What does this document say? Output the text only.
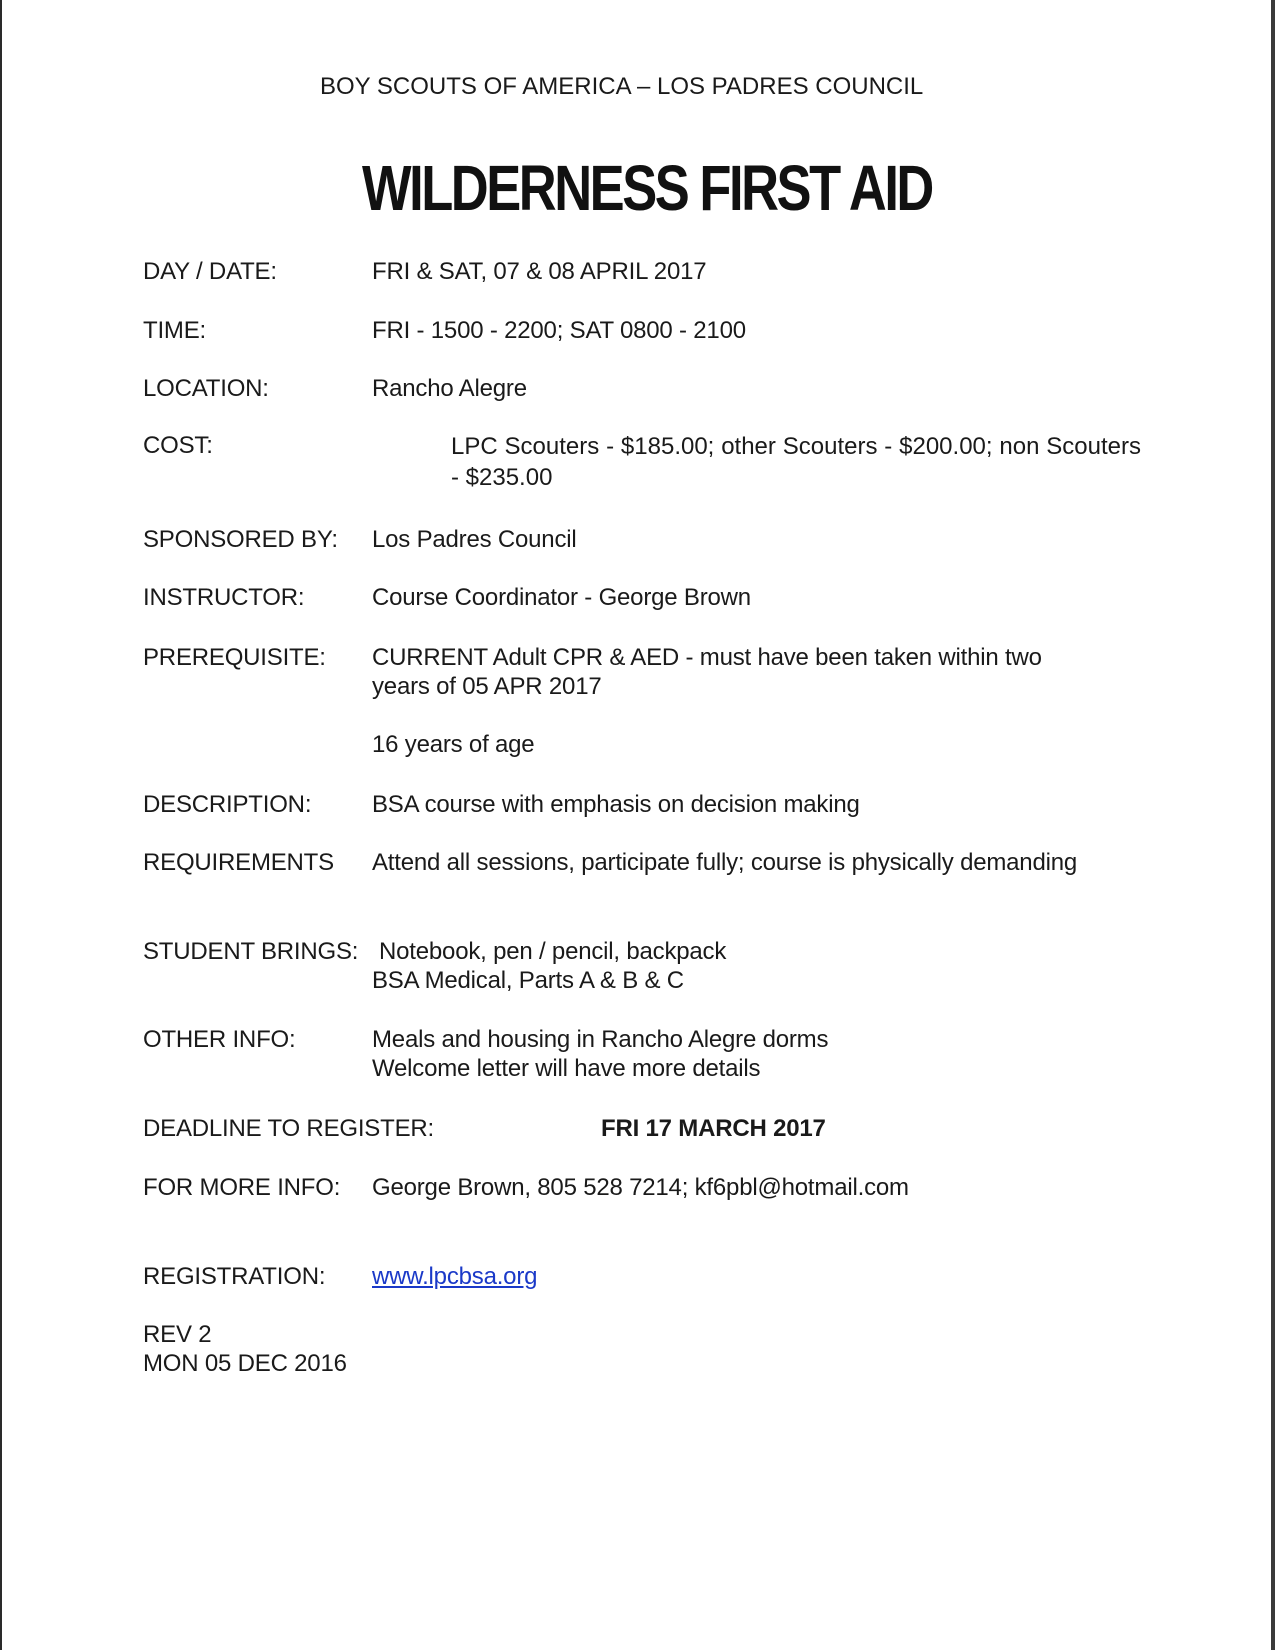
BOY SCOUTS OF AMERICA – LOS PADRES COUNCIL
WILDERNESS FIRST AID
DAY / DATE:	FRI & SAT, 07 & 08 APRIL 2017
TIME:	FRI - 1500 - 2200; SAT 0800 - 2100
LOCATION:	Rancho Alegre
COST:	LPC Scouters - $185.00; other Scouters - $200.00; non Scouters - $235.00
SPONSORED BY: Los Padres Council
INSTRUCTOR:	Course Coordinator - George Brown
PREREQUISITE: CURRENT Adult CPR & AED - must have been taken within two
years of 05 APR 2017
16 years of age
DESCRIPTION:	BSA course with emphasis on decision making
REQUIREMENTS Attend all sessions, participate fully; course is physically demanding
STUDENT BRINGS: Notebook, pen / pencil, backpack
BSA Medical, Parts A & B & C
OTHER INFO:	Meals and housing in Rancho Alegre dorms
Welcome letter will have more details
DEADLINE TO REGISTER:	FRI 17 MARCH 2017
FOR MORE INFO: George Brown, 805 528 7214; kf6pbl@hotmail.com
REGISTRATION: www.lpcbsa.org
REV 2
MON 05 DEC 2016
